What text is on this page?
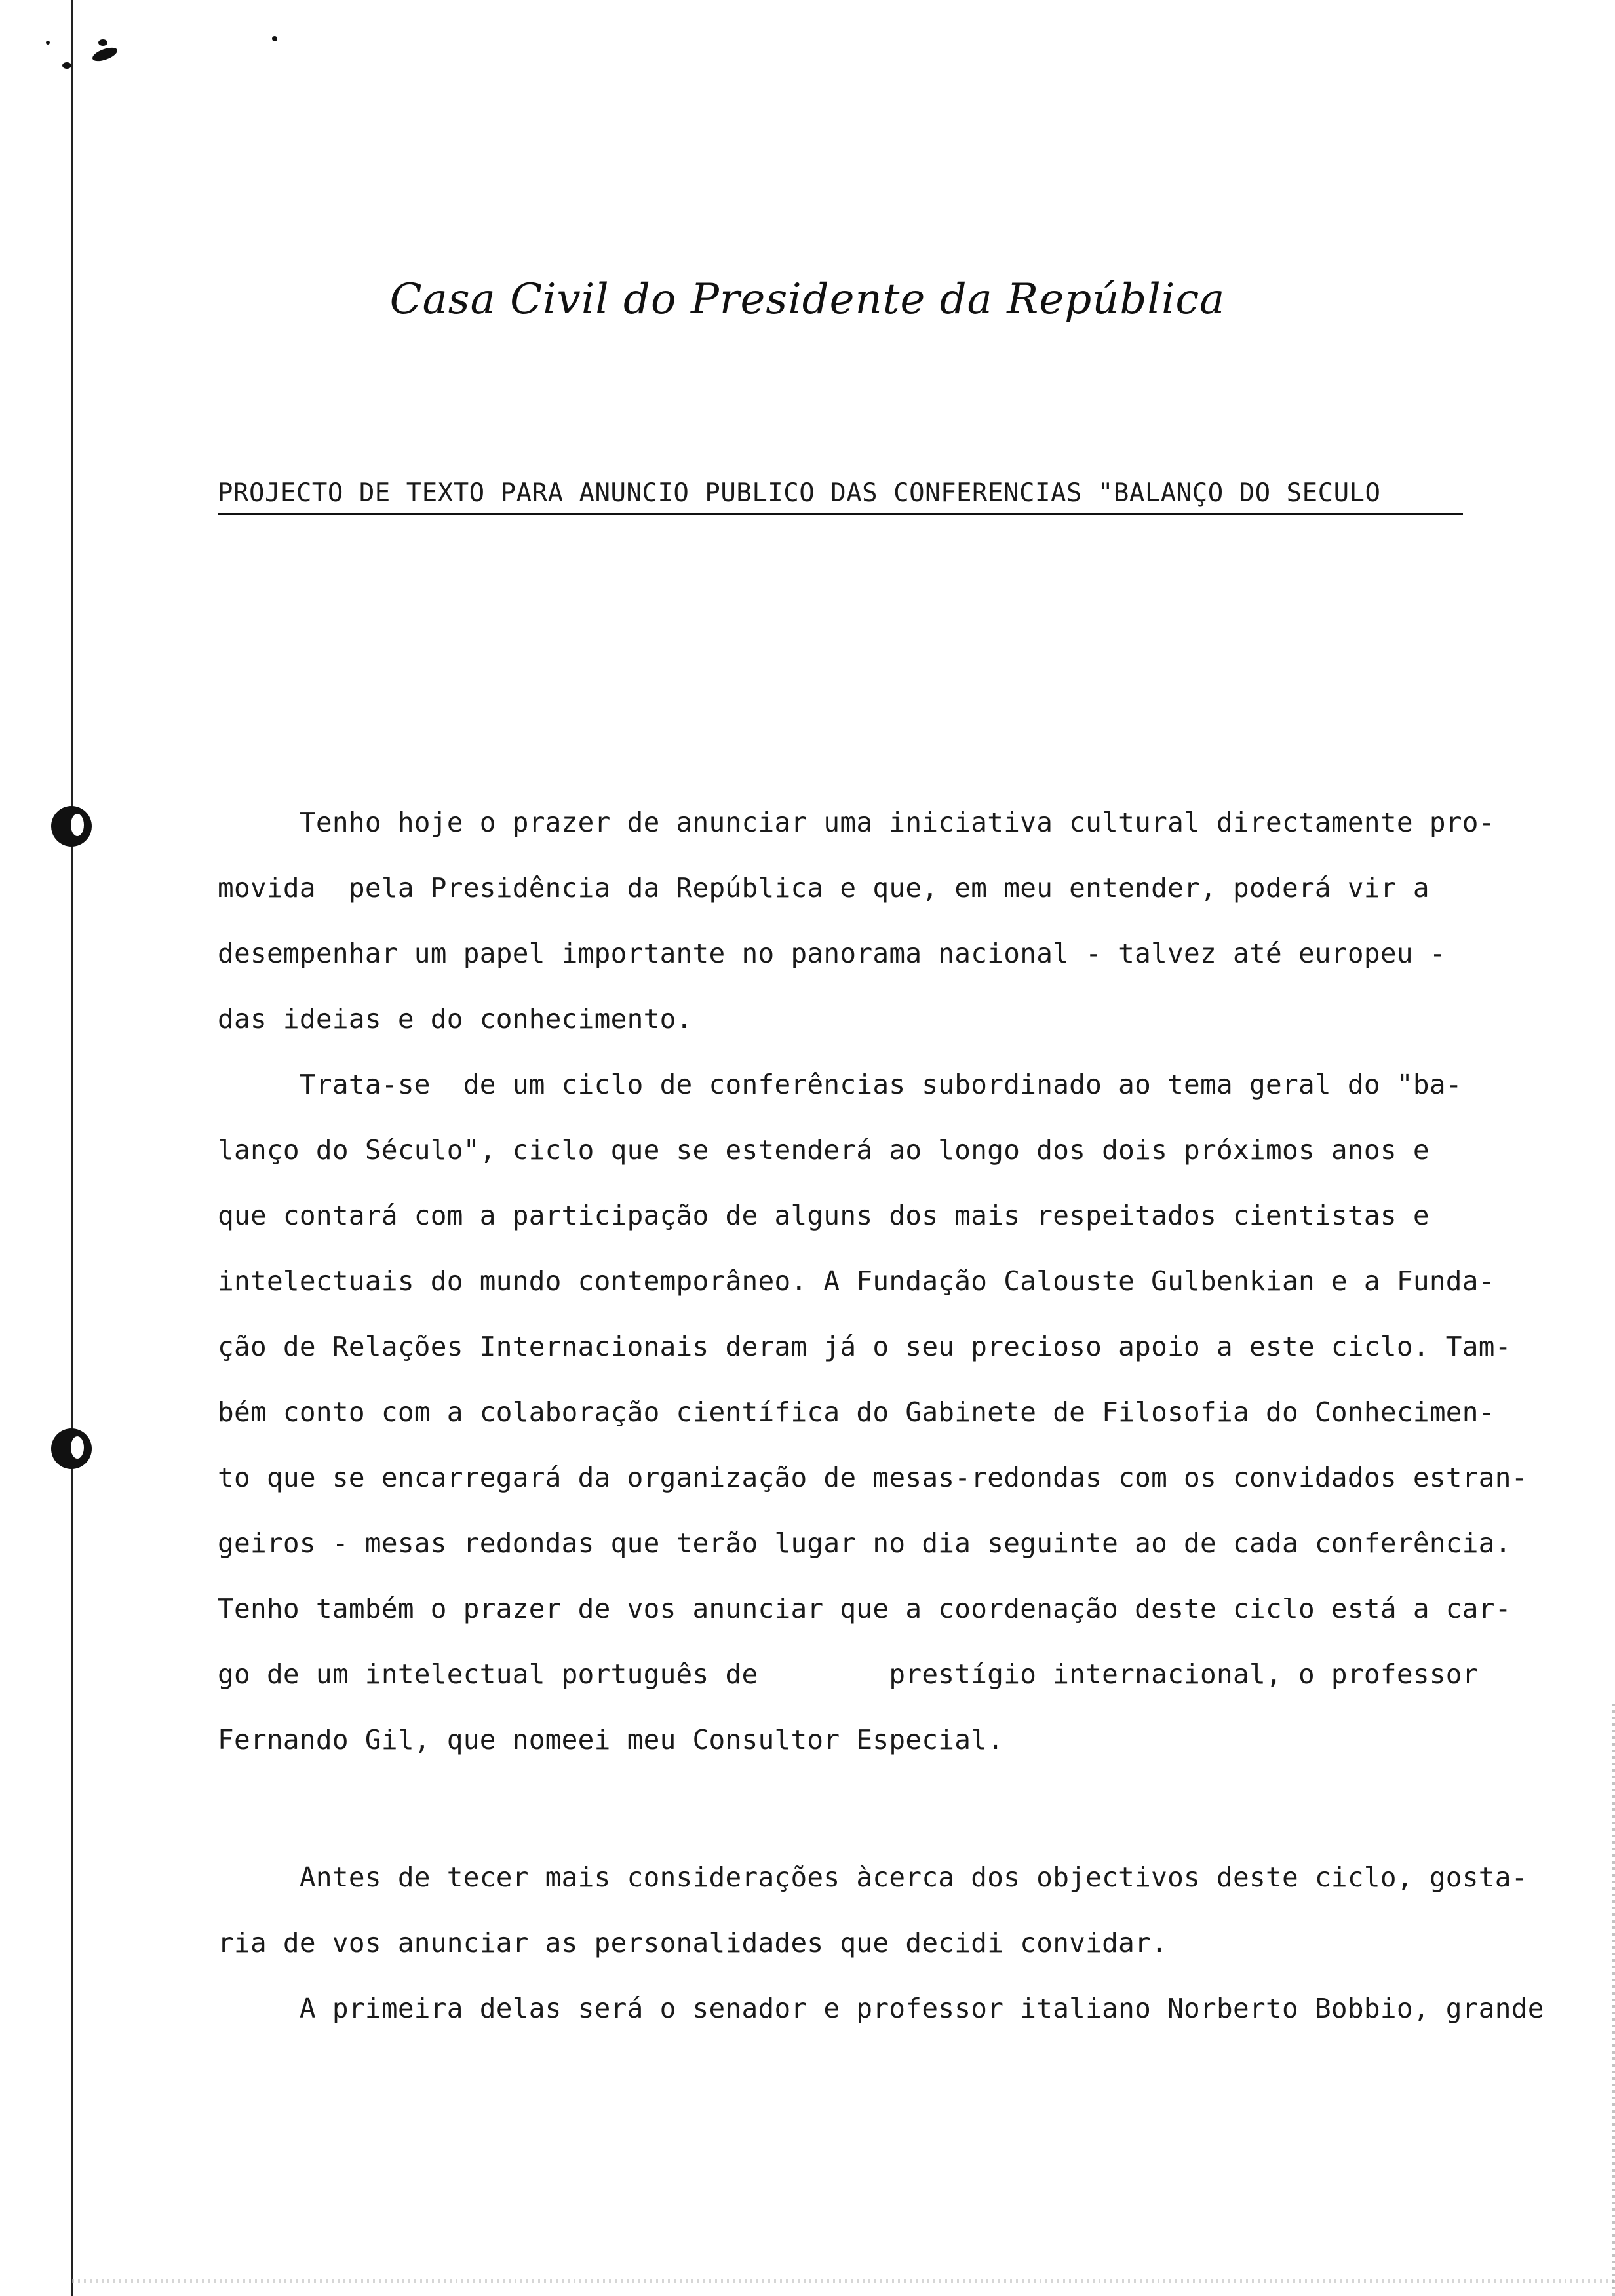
Casa Civil do Presidente da República
PROJECTO DE TEXTO PARA ANUNCIO PUBLICO DAS CONFERENCIAS "BALANÇO DO SECULO
Tenho hoje o prazer de anunciar uma iniciativa cultural directamente pro-
movida  pela Presidência da República e que, em meu entender, poderá vir a
desempenhar um papel importante no panorama nacional - talvez até europeu -
das ideias e do conhecimento.
Trata-se  de um ciclo de conferências subordinado ao tema geral do "ba-
lanço do Século", ciclo que se estenderá ao longo dos dois próximos anos e
que contará com a participação de alguns dos mais respeitados cientistas e
intelectuais do mundo contemporâneo. A Fundação Calouste Gulbenkian e a Funda-
ção de Relações Internacionais deram já o seu precioso apoio a este ciclo. Tam-
bém conto com a colaboração científica do Gabinete de Filosofia do Conhecimen-
to que se encarregará da organização de mesas-redondas com os convidados estran-
geiros - mesas redondas que terão lugar no dia seguinte ao de cada conferência.
Tenho também o prazer de vos anunciar que a coordenação deste ciclo está a car-
go de um intelectual português de        prestígio internacional, o professor
Fernando Gil, que nomeei meu Consultor Especial.
Antes de tecer mais considerações àcerca dos objectivos deste ciclo, gosta-
ria de vos anunciar as personalidades que decidi convidar.
A primeira delas será o senador e professor italiano Norberto Bobbio, grande
